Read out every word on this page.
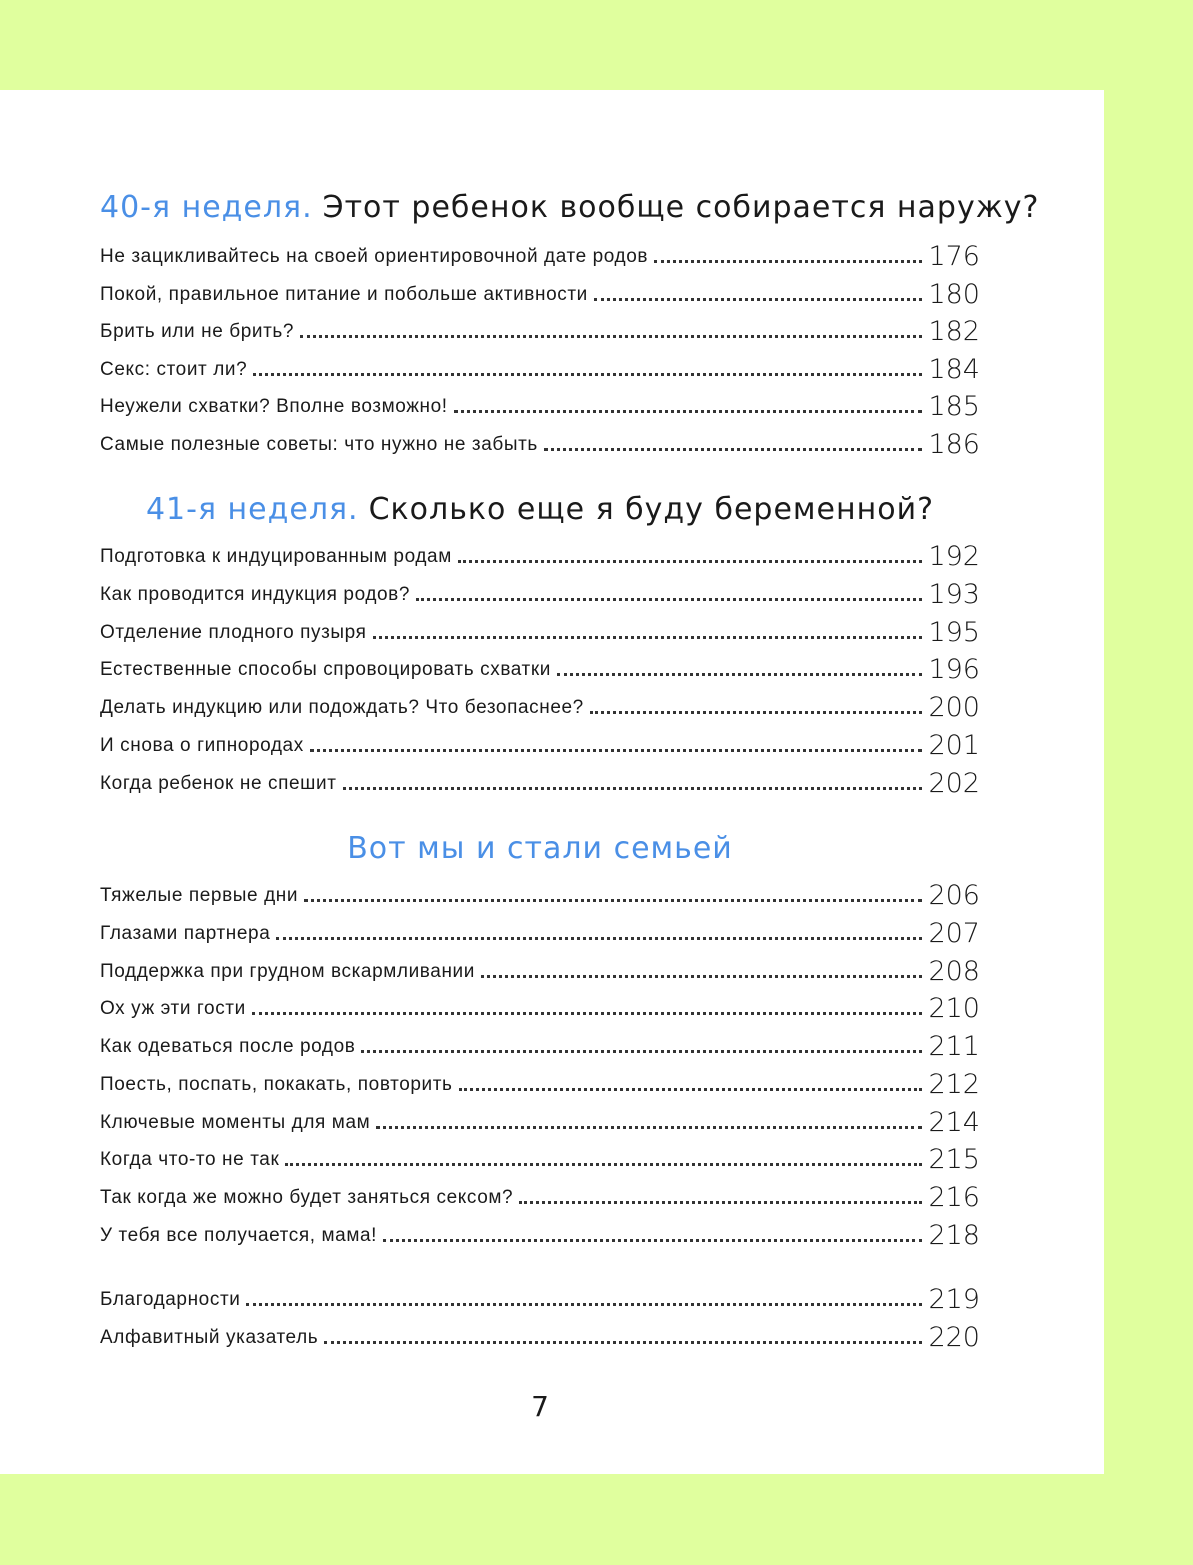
40-я неделя. Этот ребенок вообще собирается наружу?
Не зацикливайтесь на своей ориентировочной дате родов	176
Покой, правильное питание и побольше активности	180
Брить или не брить?	182
Секс: стоит ли?	184
Неужели схватки? Вполне возможно!	185
Самые полезные советы: что нужно не забыть	186
41-я неделя. Сколько еще я буду беременной?
Подготовка к индуцированным родам	192
Как проводится индукция родов?	193
Отделение плодного пузыря	195
Естественные способы спровоцировать схватки	196
Делать индукцию или подождать? Что безопаснее?	200
И снова о гипнородах	201
Когда ребенок не спешит	202
Вот мы и стали семьей
Тяжелые первые дни	206
Глазами партнера	207
Поддержка при грудном вскармливании	208
Ох уж эти гости	210
Как одеваться после родов	211
Поесть, поспать, покакать, повторить	212
Ключевые моменты для мам	214
Когда что-то не так	215
Так когда же можно будет заняться сексом?	216
У тебя все получается, мама!	218
Благодарности	219
Алфавитный указатель	220
7
